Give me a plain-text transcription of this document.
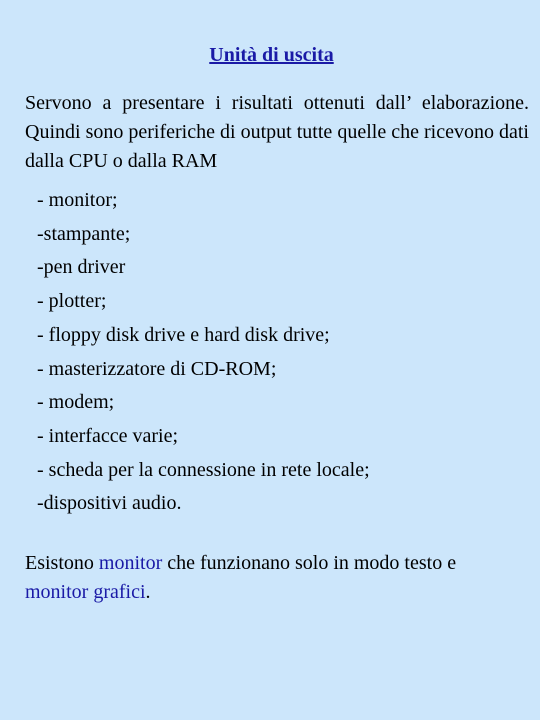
Unità di uscita

Servono a presentare i risultati ottenuti dall’ elaborazione. Quindi sono periferiche di output tutte quelle che ricevono dati dalla CPU o dalla RAM

- monitor;
-stampante;
-pen driver
- plotter;
- floppy disk drive e hard disk drive;
- masterizzatore di CD-ROM;
- modem;
- interfacce varie;
- scheda per la connessione in rete locale;
-dispositivi audio.

Esistono monitor che funzionano solo in modo testo e monitor grafici.
